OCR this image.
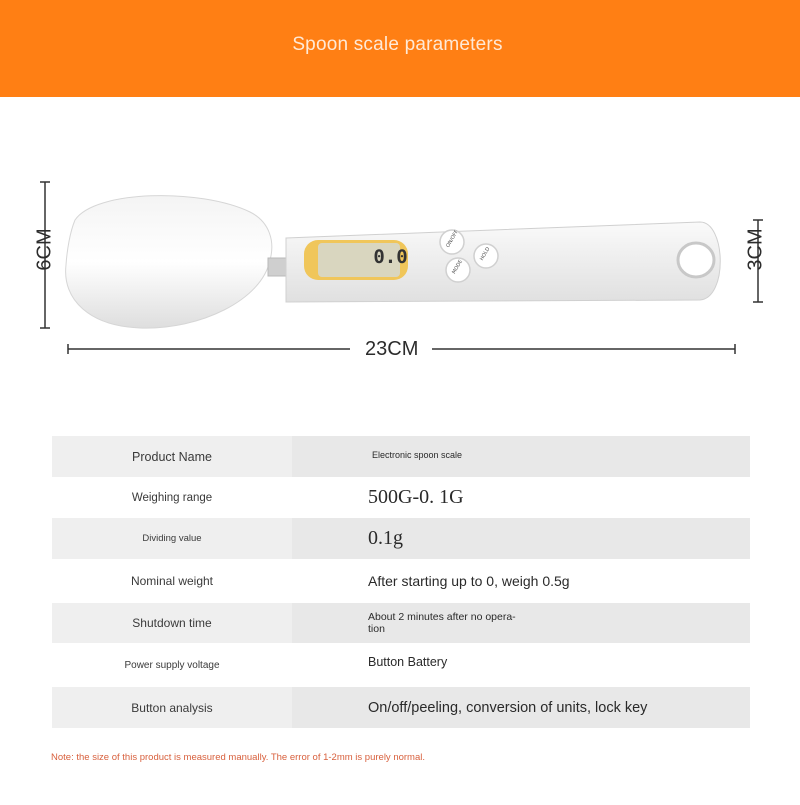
Spoon scale parameters
6CM	3CM
23CM
0.0
ON/OFF
MODE
HOLD
Product Name	Electronic spoon scale
Weighing range	500G-0. 1G
Dividing value	0.1g
Nominal weight	After starting up to 0, weigh 0.5g
Shutdown time	About 2 minutes after no opera-
tion
Power supply voltage	Button Battery
Button analysis	On/off/peeling, conversion of units, lock key
Note: the size of this product is measured manually. The error of 1-2mm is purely normal.
